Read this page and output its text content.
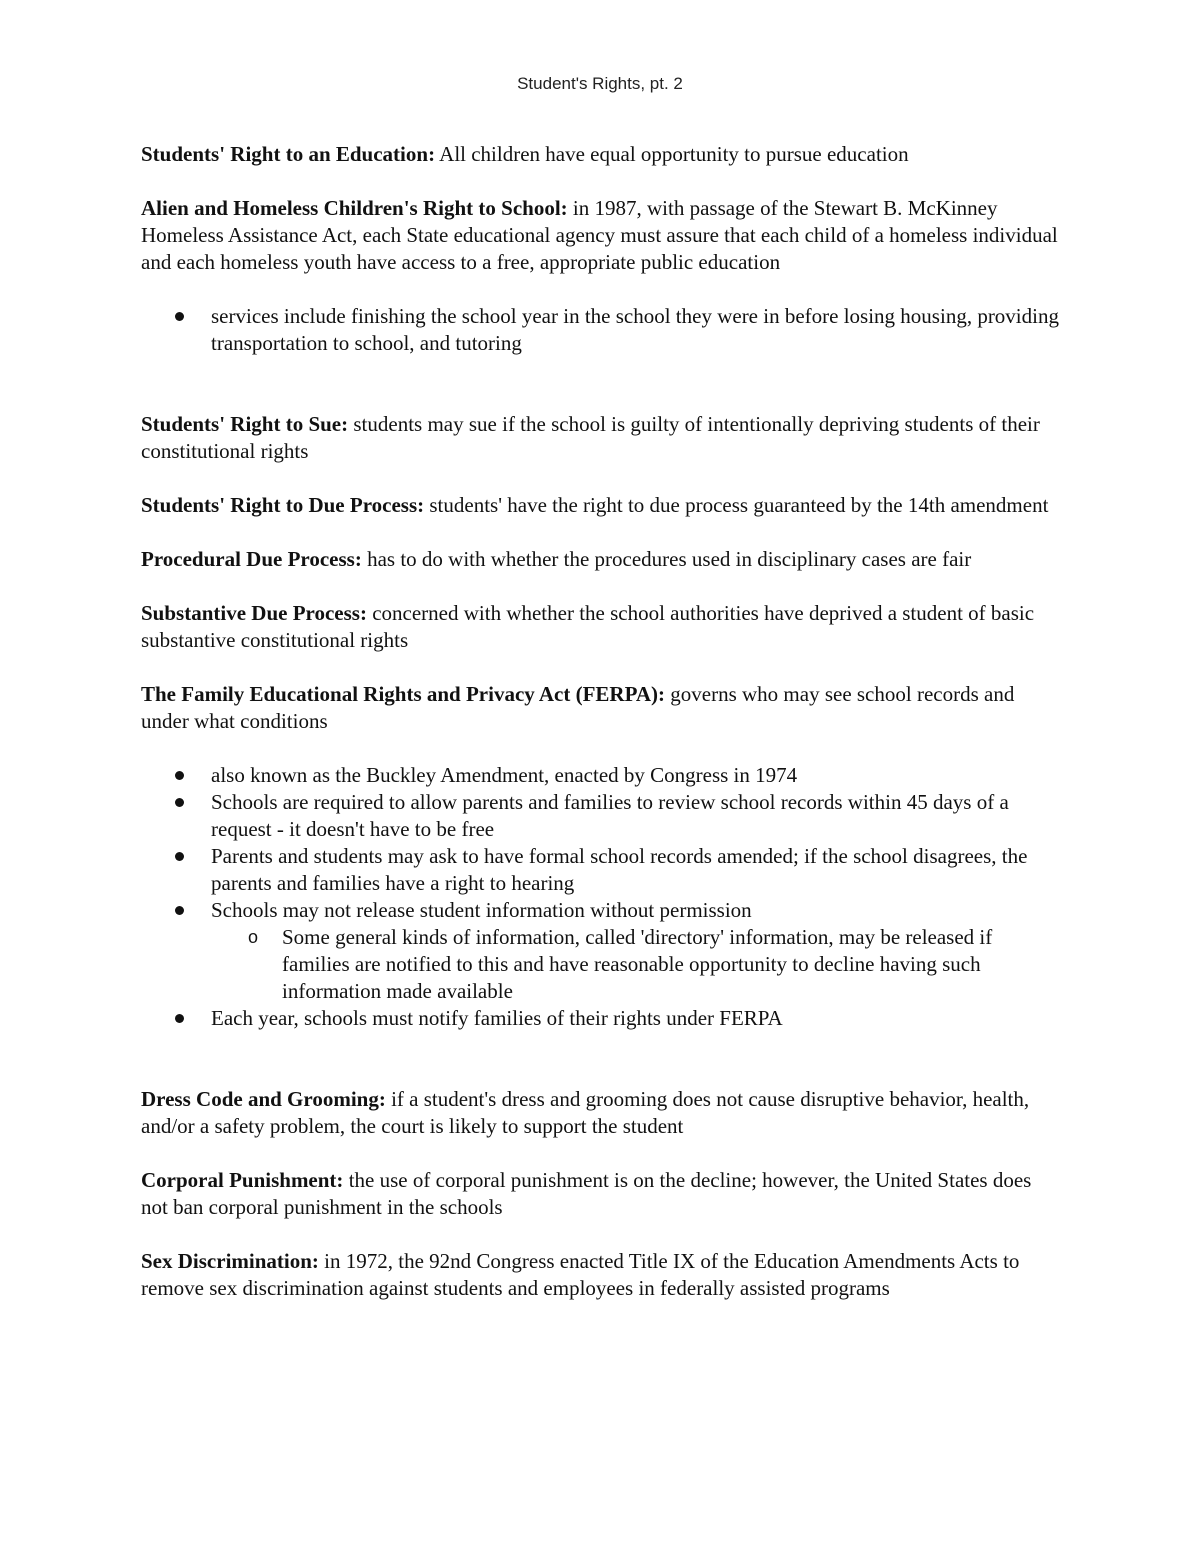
Student's Rights, pt. 2

Students' Right to an Education: All children have equal opportunity to pursue education

Alien and Homeless Children's Right to School: in 1987, with passage of the Stewart B. McKinney Homeless Assistance Act, each State educational agency must assure that each child of a homeless individual and each homeless youth have access to a free, appropriate public education

services include finishing the school year in the school they were in before losing housing, providing transportation to school, and tutoring

Students' Right to Sue: students may sue if the school is guilty of intentionally depriving students of their constitutional rights

Students' Right to Due Process: students' have the right to due process guaranteed by the 14th amendment

Procedural Due Process: has to do with whether the procedures used in disciplinary cases are fair

Substantive Due Process: concerned with whether the school authorities have deprived a student of basic substantive constitutional rights

The Family Educational Rights and Privacy Act (FERPA): governs who may see school records and under what conditions

also known as the Buckley Amendment, enacted by Congress in 1974
Schools are required to allow parents and families to review school records within 45 days of a request - it doesn't have to be free
Parents and students may ask to have formal school records amended; if the school disagrees, the parents and families have a right to hearing
Schools may not release student information without permission
o Some general kinds of information, called 'directory' information, may be released if families are notified to this and have reasonable opportunity to decline having such information made available
Each year, schools must notify families of their rights under FERPA

Dress Code and Grooming: if a student's dress and grooming does not cause disruptive behavior, health, and/or a safety problem, the court is likely to support the student

Corporal Punishment: the use of corporal punishment is on the decline; however, the United States does not ban corporal punishment in the schools

Sex Discrimination: in 1972, the 92nd Congress enacted Title IX of the Education Amendments Acts to remove sex discrimination against students and employees in federally assisted programs
